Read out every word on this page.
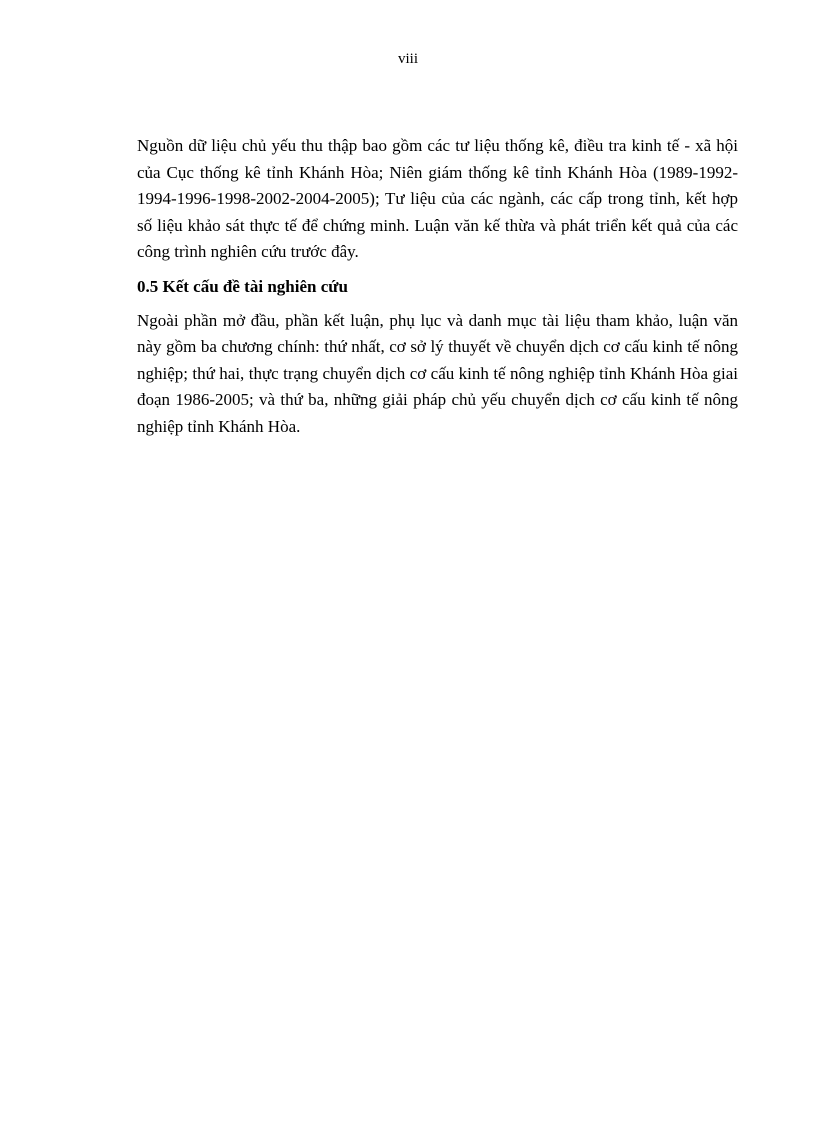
viii

Nguồn dữ liệu chủ yếu thu thập bao gồm các tư liệu thống kê, điều tra kinh tế - xã hội của Cục thống kê tỉnh Khánh Hòa; Niên giám thống kê tỉnh Khánh Hòa (1989-1992-1994-1996-1998-2002-2004-2005); Tư liệu của các ngành, các cấp trong tỉnh, kết hợp số liệu khảo sát thực tế để chứng minh. Luận văn kế thừa và phát triển kết quả của các công trình nghiên cứu trước đây.

0.5 Kết cấu đề tài nghiên cứu

Ngoài phần mở đầu, phần kết luận, phụ lục và danh mục tài liệu tham khảo, luận văn này gồm ba chương chính: thứ nhất, cơ sở lý thuyết về chuyển dịch cơ cấu kinh tế nông nghiệp; thứ hai, thực trạng chuyển dịch cơ cấu kinh tế nông nghiệp tỉnh Khánh Hòa giai đoạn 1986-2005; và thứ ba, những giải pháp chủ yếu chuyển dịch cơ cấu kinh tế nông nghiệp tỉnh Khánh Hòa.
